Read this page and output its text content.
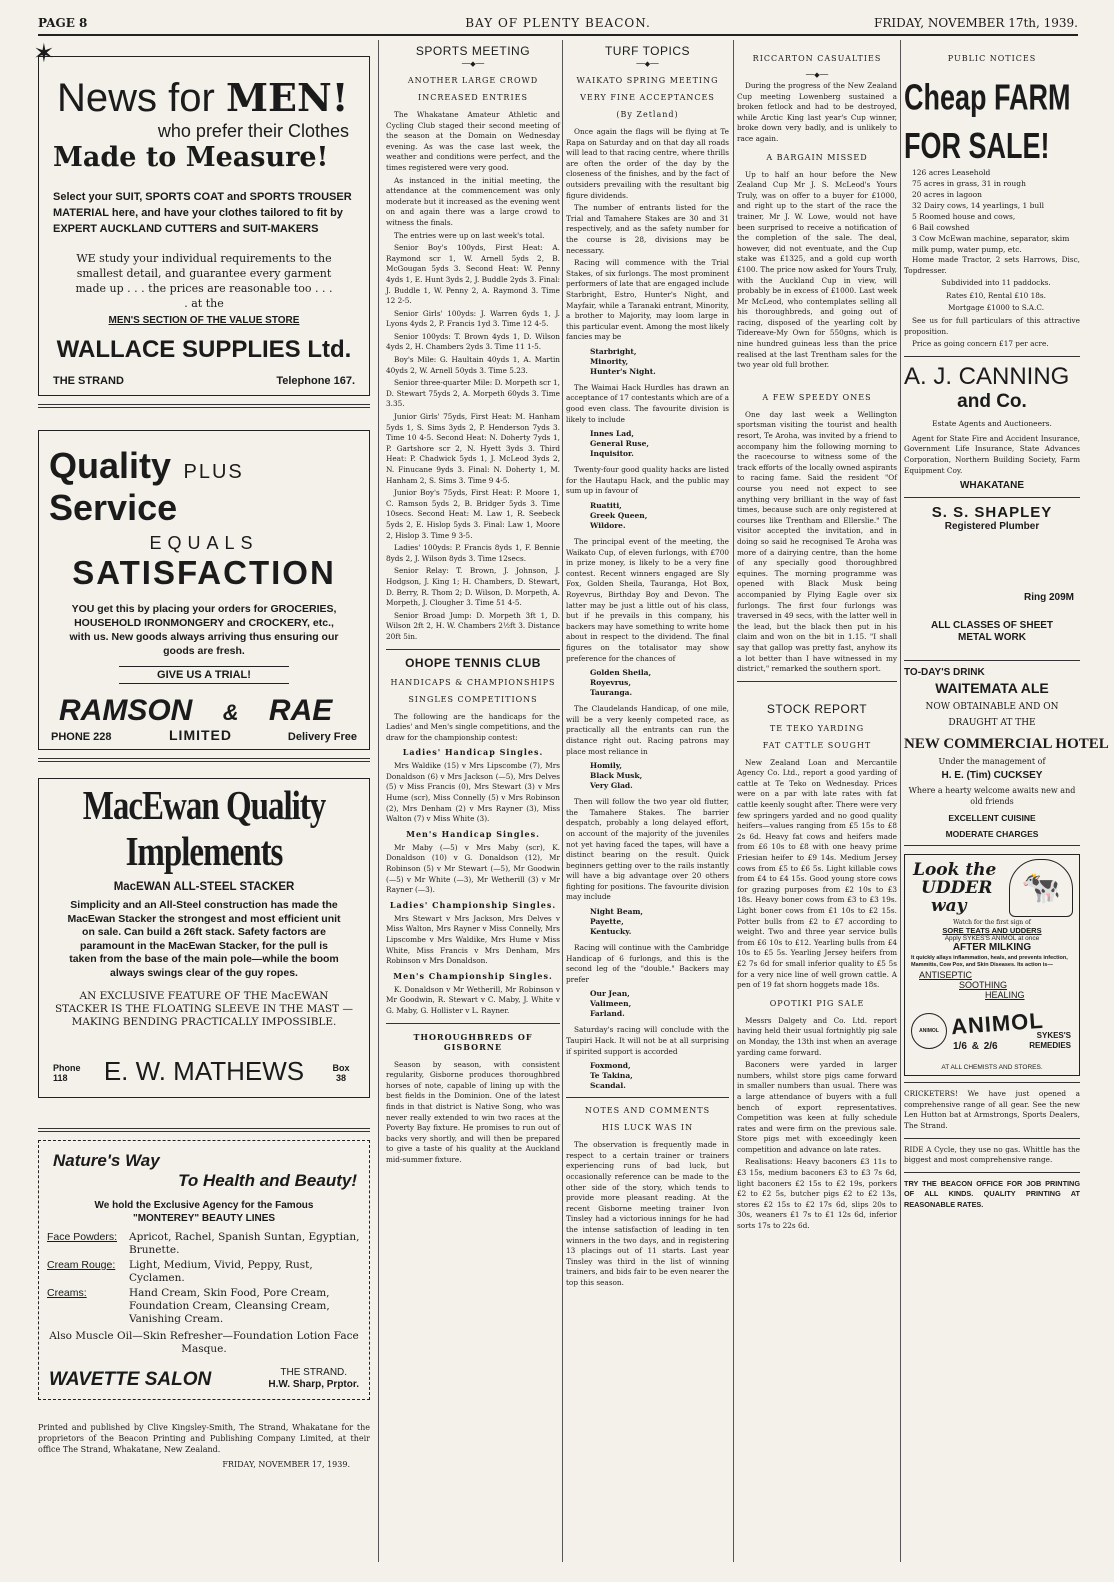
PAGE 8	BAY OF PLENTY BEACON.	FRIDAY, NOVEMBER 17th, 1939.
✶
News for MEN!
who prefer their Clothes
Made to Measure!
Select your SUIT, SPORTS COAT and SPORTS TROUSER MATERIAL here, and have your clothes tailored to fit by EXPERT AUCKLAND CUTTERS and SUIT-MAKERS
WE study your individual requirements to the smallest detail, and guarantee every garment made up . . . the prices are reasonable too . . . . at the
MEN'S SECTION OF THE VALUE STORE
WALLACE SUPPLIES Ltd.
THE STRAND	Telephone 167.
Quality PLUS Service
EQUALS
SATISFACTION
YOU get this by placing your orders for GROCERIES, HOUSEHOLD IRONMONGERY and CROCKERY, etc., with us. New goods always arriving thus ensuring our goods are fresh.
GIVE US A TRIAL!
RAMSON & RAE
PHONE 228	LIMITED	Delivery Free
MacEwan Quality Implements
MacEWAN ALL-STEEL STACKER
Simplicity and an All-Steel construction has made the MacEwan Stacker the strongest and most efficient unit on sale. Can build a 26ft stack. Safety factors are paramount in the MacEwan Stacker, for the pull is taken from the base of the main pole—while the boom always swings clear of the guy ropes.
AN EXCLUSIVE FEATURE OF THE MacEWAN STACKER IS THE FLOATING SLEEVE IN THE MAST — MAKING BENDING PRACTICALLY IMPOSSIBLE.
Phone 118	E. W. MATHEWS	Box 38
Nature's Way
To Health and Beauty!
We hold the Exclusive Agency for the Famous "MONTEREY" BEAUTY LINES
Face Powders:	Apricot, Rachel, Spanish Suntan, Egyptian, Brunette.
Cream Rouge:	Light, Medium, Vivid, Peppy, Rust, Cyclamen.
Creams:	Hand Cream, Skin Food, Pore Cream, Foundation Cream, Cleansing Cream, Vanishing Cream.
Also Muscle Oil—Skin Refresher—Foundation Lotion Face Masque.
WAVETTE SALON	THE STRAND.
H.W. Sharp, Prptor.
Printed and published by Clive Kingsley-Smith, The Strand, Whakatane for the proprietors of the Beacon Printing and Publishing Company Limited, at their office The Strand, Whakatane, New Zealand.
FRIDAY, NOVEMBER 17, 1939.
SPORTS MEETING
──◆──
ANOTHER LARGE CROWD
INCREASED ENTRIES
The Whakatane Amateur Athletic and Cycling Club staged their second meeting of the season at the Domain on Wednesday evening. As was the case last week, the weather and conditions were perfect, and the times registered were very good.
As instanced in the initial meeting, the attendance at the commencement was only moderate but it increased as the evening went on and again there was a large crowd to witness the finals.
The entries were up on last week's total.
Senior Boy's 100yds, First Heat: A. Raymond scr 1, W. Arnell 5yds 2, B. McGougan 5yds 3. Second Heat: W. Penny 4yds 1, E. Hunt 3yds 2, J. Buddle 2yds 3. Final: J. Buddle 1, W. Penny 2, A. Raymond 3. Time 12 2-5.
Senior Girls' 100yds: J. Warren 6yds 1, J. Lyons 4yds 2, P. Francis 1yd 3. Time 12 4-5.
Senior 100yds: T. Brown 4yds 1, D. Wilson 4yds 2, H. Chambers 2yds 3. Time 11 1-5.
Boy's Mile: G. Haultain 40yds 1, A. Martin 40yds 2, W. Arnell 50yds 3. Time 5.23.
Senior three-quarter Mile: D. Morpeth scr 1, D. Stewart 75yds 2, A. Morpeth 60yds 3. Time 3.35.
Junior Girls' 75yds, First Heat: M. Hanham 5yds 1, S. Sims 3yds 2, P. Henderson 7yds 3. Time 10 4-5. Second Heat: N. Doherty 7yds 1, P. Gartshore scr 2, N. Hyett 3yds 3. Third Heat: P. Chadwick 5yds 1, J. McLeod 3yds 2, N. Finucane 9yds 3. Final: N. Doherty 1, M. Hanham 2, S. Sims 3. Time 9 4-5.
Junior Boy's 75yds, First Heat: P. Moore 1, C. Ramson 5yds 2, B. Bridger 5yds 3. Time 10secs. Second Heat: M. Law 1, R. Seebeck 5yds 2, E. Hislop 5yds 3. Final: Law 1, Moore 2, Hislop 3. Time 9 3-5.
Ladies' 100yds: P. Francis 8yds 1, F. Bennie 8yds 2, J. Wilson 8yds 3. Time 12secs.
Senior Relay: T. Brown, J. Johnson, J. Hodgson, J. King 1; H. Chambers, D. Stewart, D. Berry, R. Thom 2; D. Wilson, D. Morpeth, A. Morpeth, J. Clougher 3. Time 51 4-5.
Senior Broad Jump: D. Morpeth 3ft 1, D. Wilson 2ft 2, H. W. Chambers 2½ft 3. Distance 20ft 5in.
OHOPE TENNIS CLUB
HANDICAPS & CHAMPIONSHIPS
SINGLES COMPETITIONS
The following are the handicaps for the Ladies' and Men's single competitions, and the draw for the championship contest:
Ladies' Handicap Singles.
Mrs Waldike (15) v Mrs Lipscombe (7), Mrs Donaldson (6) v Mrs Jackson (—5), Mrs Delves (5) v Miss Francis (0), Mrs Stewart (3) v Mrs Hume (scr), Miss Connelly (5) v Mrs Robinson (2), Mrs Denham (2) v Mrs Rayner (3), Miss Walton (7) v Miss White (3).
Men's Handicap Singles.
Mr Maby (—5) v Mrs Maby (scr), K. Donaldson (10) v G. Donaldson (12), Mr Robinson (5) v Mr Stewart (—5), Mr Goodwin (—5) v Mr White (—3), Mr Wetherill (3) v Mr Rayner (—3).
Ladies' Championship Singles.
Mrs Stewart v Mrs Jackson, Mrs Delves v Miss Walton, Mrs Rayner v Miss Connelly, Mrs Lipscombe v Mrs Waldike, Mrs Hume v Miss White, Miss Francis v Mrs Denham, Mrs Robinson v Mrs Donaldson.
Men's Championship Singles.
K. Donaldson v Mr Wetherill, Mr Robinson v Mr Goodwin, R. Stewart v C. Maby, J. White v G. Maby, G. Hollister v L. Rayner.
THOROUGHBREDS OF GISBORNE
Season by season, with consistent regularity, Gisborne produces thoroughbred horses of note, capable of lining up with the best fields in the Dominion. One of the latest finds in that district is Native Song, who was never really extended to win two races at the Poverty Bay fixture. He promises to run out of backs very shortly, and will then be prepared to give a taste of his quality at the Auckland mid-summer fixture.
TURF TOPICS
──◆──
WAIKATO SPRING MEETING
VERY FINE ACCEPTANCES
(By Zetland)
Once again the flags will be flying at Te Rapa on Saturday and on that day all roads will lead to that racing centre, where thrills are often the order of the day by the closeness of the finishes, and by the fact of outsiders prevailing with the resultant big figure dividends.
The number of entrants listed for the Trial and Tamahere Stakes are 30 and 31 respectively, and as the safety number for the course is 28, divisions may be necessary.
Racing will commence with the Trial Stakes, of six furlongs. The most prominent performers of late that are engaged include Starbright, Estro, Hunter's Night, and Mayfair, while a Taranaki entrant, Minority, a brother to Majority, may loom large in this particular event. Among the most likely fancies may be
Starbright,
Minority,
Hunter's Night.
The Waimai Hack Hurdles has drawn an acceptance of 17 contestants which are of a good even class. The favourite division is likely to include
Innes Lad,
General Ruse,
Inquisitor.
Twenty-four good quality hacks are listed for the Hautapu Hack, and the public may sum up in favour of
Ruatiti,
Greek Queen,
Wildore.
The principal event of the meeting, the Waikato Cup, of eleven furlongs, with £700 in prize money, is likely to be a very fine contest. Recent winners engaged are Sly Fox, Golden Sheila, Tauranga, Hot Box, Royevrus, Birthday Boy and Devon. The latter may be just a little out of his class, but if he prevails in this company, his backers may have something to write home about in respect to the dividend. The final figures on the totalisator may show preference for the chances of
Golden Sheila,
Royevrus,
Tauranga.
The Claudelands Handicap, of one mile, will be a very keenly competed race, as practically all the entrants can run the distance right out. Racing patrons may place most reliance in
Homily,
Black Musk,
Very Glad.
Then will follow the two year old flutter, the Tamahere Stakes. The barrier despatch, probably a long delayed effort, on account of the majority of the juveniles not yet having faced the tapes, will have a distinct bearing on the result. Quick beginners getting over to the rails instantly will have a big advantage over 20 others fighting for positions. The favourite division may include
Night Beam,
Payette,
Kentucky.
Racing will continue with the Cambridge Handicap of 6 furlongs, and this is the second leg of the "double." Backers may prefer
Our Jean,
Valimeen,
Farland.
Saturday's racing will conclude with the Taupiri Hack. It will not be at all surprising if spirited support is accorded
Foxmond,
Te Takina,
Scandal.
NOTES AND COMMENTS
HIS LUCK WAS IN
The observation is frequently made in respect to a certain trainer or trainers experiencing runs of bad luck, but occasionally reference can be made to the other side of the story, which tends to provide more pleasant reading. At the recent Gisborne meeting trainer Ivon Tinsley had a victorious innings for he had the intense satisfaction of leading in ten winners in the two days, and in registering 13 placings out of 11 starts. Last year Tinsley was third in the list of winning trainers, and bids fair to be even nearer the top this season.
RICCARTON CASUALTIES
──◆──
During the progress of the New Zealand Cup meeting Lowenberg sustained a broken fetlock and had to be destroyed, while Arctic King last year's Cup winner, broke down very badly, and is unlikely to race again.
A BARGAIN MISSED
Up to half an hour before the New Zealand Cup Mr J. S. McLeod's Yours Truly, was on offer to a buyer for £1000, and right up to the start of the race the trainer, Mr J. W. Lowe, would not have been surprised to receive a notification of the completion of the sale. The deal, however, did not eventuate, and the Cup stake was £1325, and a gold cup worth £100. The price now asked for Yours Truly, with the Auckland Cup in view, will probably be in excess of £1000. Last week Mr McLeod, who contemplates selling all his thoroughbreds, and going out of racing, disposed of the yearling colt by Tidereave-My Own for 550gns, which is nine hundred guineas less than the price realised at the last Trentham sales for the two year old full brother.
A FEW SPEEDY ONES
One day last week a Wellington sportsman visiting the tourist and health resort, Te Aroha, was invited by a friend to accompany him the following morning to the racecourse to witness some of the track efforts of the locally owned aspirants to racing fame. Said the resident "Of course you need not expect to see anything very brilliant in the way of fast times, because such are only registered at courses like Trentham and Ellerslie." The visitor accepted the invitation, and in doing so said he recognised Te Aroha was more of a dairying centre, than the home of any specially good thoroughbred equines. The morning programme was opened with Black Musk being accompanied by Flying Eagle over six furlongs. The first four furlongs was traversed in 49 secs, with the latter well in the lead, but the black then put in his claim and won on the bit in 1.15. "I shall say that gallop was pretty fast, anyhow its a lot better than I have witnessed in my district," remarked the southern sport.
STOCK REPORT
TE TEKO YARDING
FAT CATTLE SOUGHT
New Zealand Loan and Mercantile Agency Co. Ltd., report a good yarding of cattle at Te Teko on Wednesday. Prices were on a par with late rates with fat cattle keenly sought after. There were very few springers yarded and no good quality heifers—values ranging from £5 15s to £8 2s 6d. Heavy fat cows and heifers made from £6 10s to £8 with one heavy prime Friesian heifer to £9 14s. Medium Jersey cows from £5 to £6 5s. Light killable cows from £4 to £4 15s. Good young store cows for grazing purposes from £2 10s to £3 18s. Heavy boner cows from £3 to £3 19s. Light boner cows from £1 10s to £2 15s. Potter bulls from £2 to £7 according to weight. Two and three year service bulls from £6 10s to £12. Yearling bulls from £4 10s to £5 5s. Yearling Jersey heifers from £2 7s 6d for small inferior quality to £5 5s for a very nice line of well grown cattle. A pen of 19 fat shorn hoggets made 18s.
OPOTIKI PIG SALE
Messrs Dalgety and Co. Ltd. report having held their usual fortnightly pig sale on Monday, the 13th inst when an average yarding came forward.
Baconers were yarded in larger numbers, whilst store pigs came forward in smaller numbers than usual. There was a large attendance of buyers with a full bench of export representatives. Competition was keen at fully schedule rates and were firm on the previous sale. Store pigs met with exceedingly keen competition and advance on late rates.
Realisations: Heavy baconers £3 11s to £3 15s, medium baconers £3 to £3 7s 6d, light baconers £2 15s to £2 19s, porkers £2 to £2 5s, butcher pigs £2 to £2 13s, stores £2 15s to £2 17s 6d, slips 20s to 30s, weaners £1 7s to £1 12s 6d, inferior sorts 17s to 22s 6d.
PUBLIC NOTICES
Cheap FARM
FOR SALE!
126 acres Leasehold
75 acres in grass, 31 in rough
20 acres in lagoon
32 Dairy cows, 14 yearlings, 1 bull
5 Roomed house and cows,
6 Bail cowshed
3 Cow McEwan machine, separator, skim milk pump, water pump, etc.
Home made Tractor, 2 sets Harrows, Disc, Topdresser.
Subdivided into 11 paddocks.
Rates £10, Rental £10 18s.
Mortgage £1000 to S.A.C.
See us for full particulars of this attractive proposition.
Price as going concern £17 per acre.
A. J. CANNING
and Co.
Estate Agents and Auctioneers.
Agent for State Fire and Accident Insurance, Government Life Insurance, State Advances Corporation, Northern Building Society, Farm Equipment Coy.
WHAKATANE
S. S. SHAPLEY
Registered Plumber
Ring 209M
ALL CLASSES OF SHEET METAL WORK
TO-DAY'S DRINK
WAITEMATA ALE
NOW OBTAINABLE AND ON
DRAUGHT AT THE
NEW COMMERCIAL HOTEL
Under the management of
H. E. (Tim) CUCKSEY
Where a hearty welcome awaits new and old friends
EXCELLENT CUISINE
MODERATE CHARGES
Look the
UDDER
way	🐄
Watch for the first sign of
SORE TEATS AND UDDERS
Apply SYKES'S ANIMOL at once
AFTER MILKING
It quickly allays inflammation, heals, and prevents infection, Mammitis, Cow Pox, and Skin Diseases. Its action is—
ANTISEPTIC
SOOTHING
HEALING
ANIMOL ANIMOL
SYKES'S
REMEDIES
1/6 & 2/6
AT ALL CHEMISTS AND STORES.
CRICKETERS! We have just opened a comprehensive range of all gear. See the new Len Hutton bat at Armstrongs, Sports Dealers, The Strand.
RIDE A Cycle, they use no gas. Whittle has the biggest and most comprehensive range.
TRY THE BEACON OFFICE FOR JOB PRINTING OF ALL KINDS. QUALITY PRINTING AT REASONABLE RATES.
